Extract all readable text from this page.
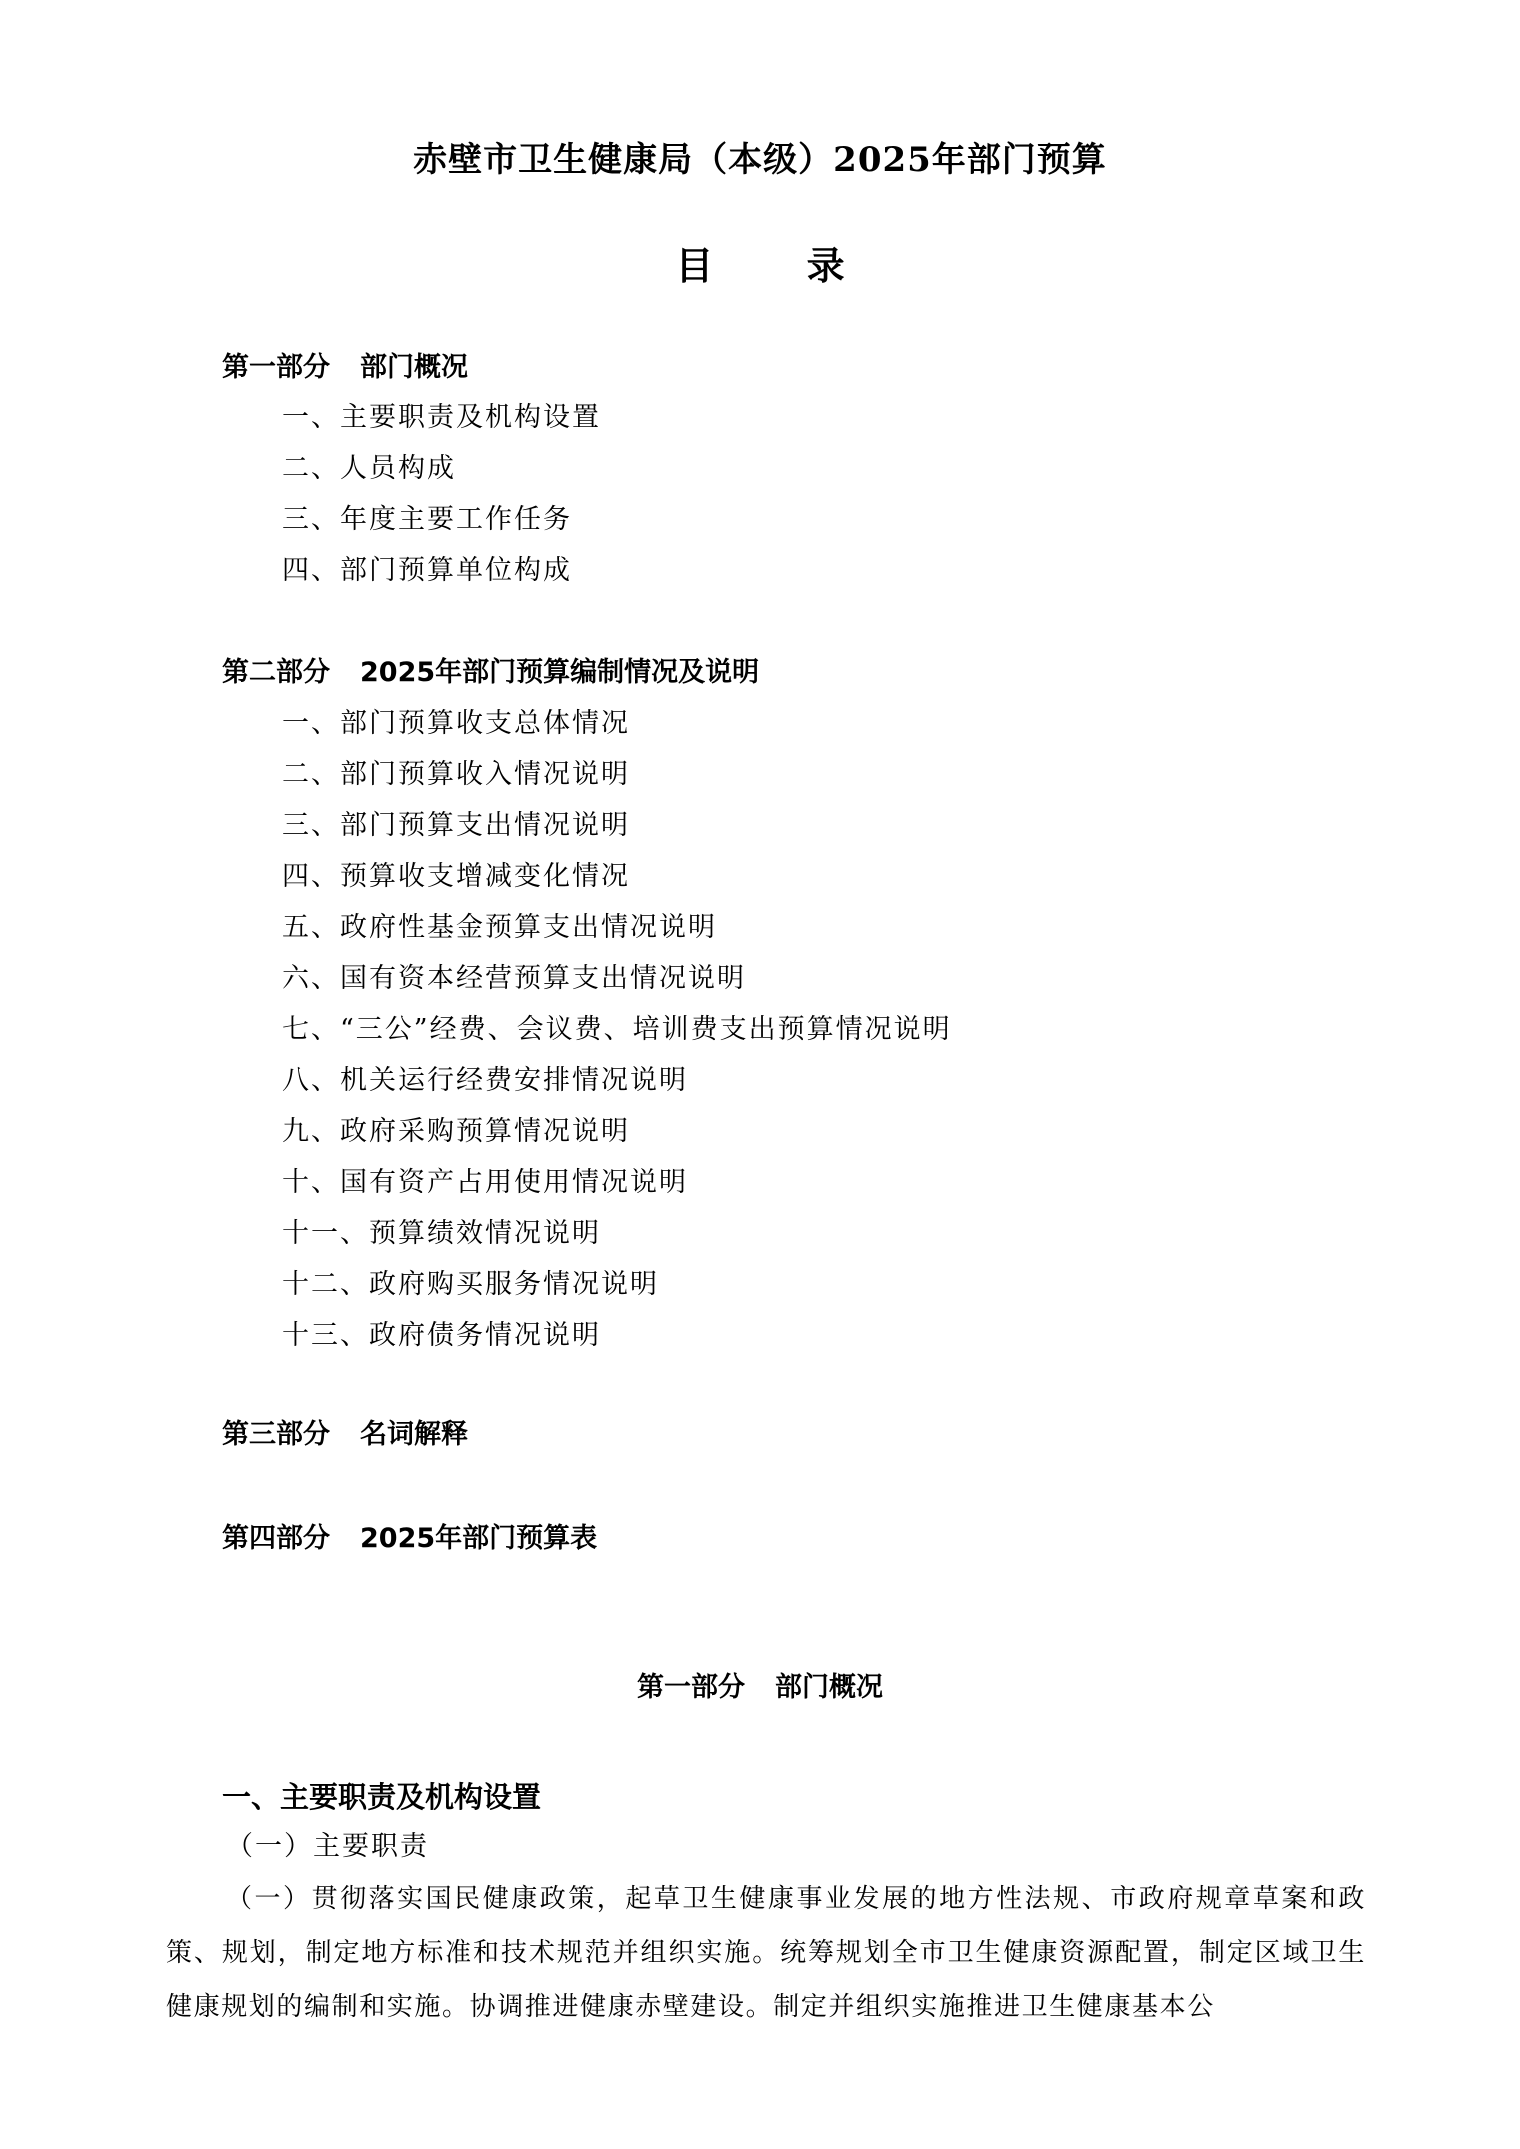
赤壁市卫生健康局（本级）2025年部门预算
目 录
第一部分 部门概况
一、主要职责及机构设置
二、人员构成
三、年度主要工作任务
四、部门预算单位构成
第二部分 2025年部门预算编制情况及说明
一、部门预算收支总体情况
二、部门预算收入情况说明
三、部门预算支出情况说明
四、预算收支增减变化情况
五、政府性基金预算支出情况说明
六、国有资本经营预算支出情况说明
七、“三公”经费、会议费、培训费支出预算情况说明
八、机关运行经费安排情况说明
九、政府采购预算情况说明
十、国有资产占用使用情况说明
十一、预算绩效情况说明
十二、政府购买服务情况说明
十三、政府债务情况说明
第三部分 名词解释
第四部分 2025年部门预算表
第一部分 部门概况
一、主要职责及机构设置
（一）主要职责
（一）贯彻落实国民健康政策，起草卫生健康事业发展的地方性法规、市政府规章草案和政策、规划，制定地方标准和技术规范并组织实施。统筹规划全市卫生健康资源配置，制定区域卫生健康规划的编制和实施。协调推进健康赤壁建设。制定并组织实施推进卫生健康基本公
